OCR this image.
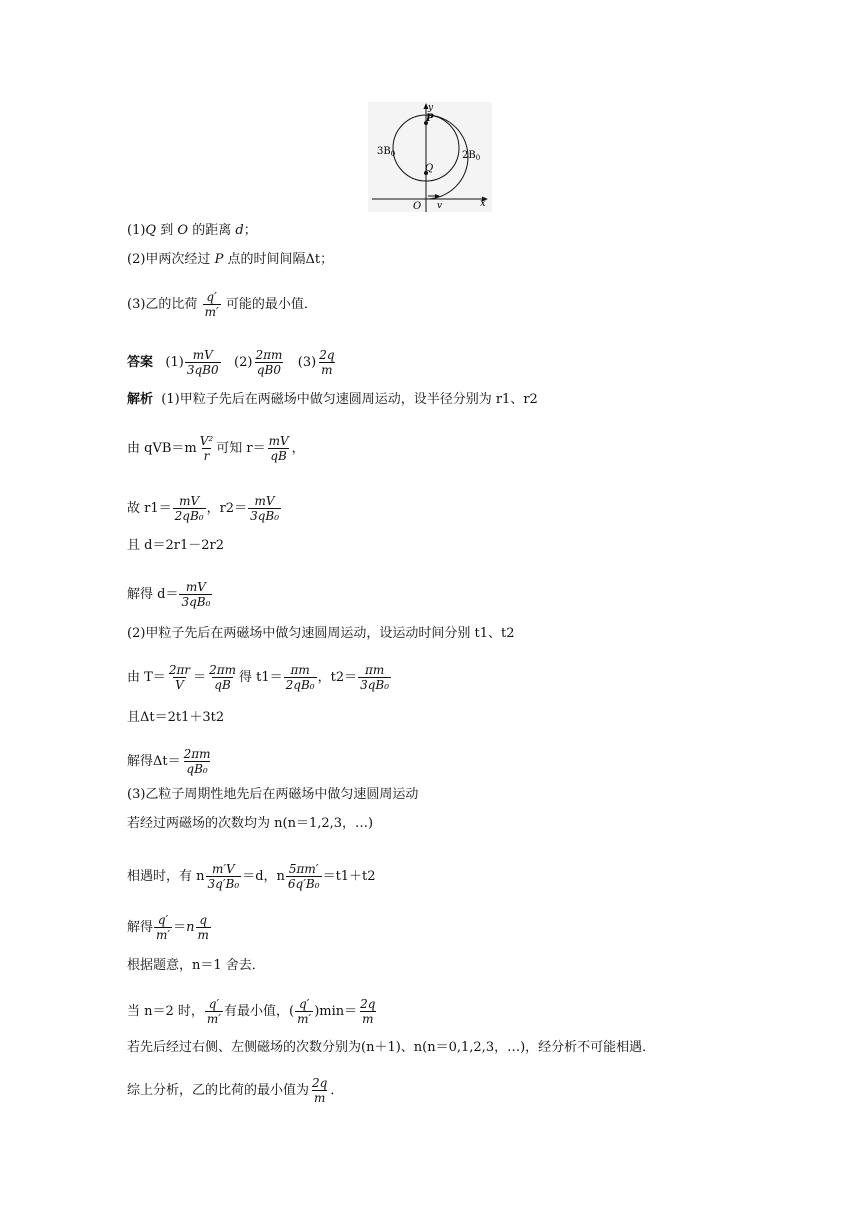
y
P
Q
O	x
v
$3B_0$	$2B_0$
(1)Q 到 O 的距离 d；
(2)甲两次经过 P 点的时间间隔Δt；
(3)乙的比荷 $\frac{q'}{m'}$ 可能的最小值．
答案 $(1) \frac{mV}{3qB0} (2) \frac{2\pi m}{qB0} (3) \frac{2q}{m}$
解析 (1)甲粒子先后在两磁场中做匀速圆周运动，设半径分别为 r1、r2
由 $qVB=m \frac{\text{V²}}{r}$ 可知 $r= \frac{mV}{qB}$ ，
故 $r1= \frac{mV}{\text{2qB₀}}$ ，$r2= \frac{mV}{\text{3qB₀}}$
且 d＝2r1－2r2
解得 $d= \frac{mV}{\text{3qB₀}}$
(2)甲粒子先后在两磁场中做匀速圆周运动，设运动时间分别 t1、t2
由 $T= \frac{2\pi r}{V} = \frac{2\pi m}{qB}$ 得 $t1= \frac{\pi m}{\text{2qB₀}}$ ，$t2= \frac{\pi m}{\text{3qB₀}}$
且Δt＝2t1＋3t2
解得$\Delta t= \frac{2\pi m}{\text{qB₀}}$
(3)乙粒子周期性地先后在两磁场中做匀速圆周运动
若经过两磁场的次数均为 n(n＝1,2,3，…)
相遇时，有 n $\frac{m'V}{\text{3q′B₀}} =d$，n $\frac{5\pi m'}{\text{6q′B₀}} =t1+t2$
解得 $\frac{q'}{m'} =n \frac{q}{m}$
根据题意，n＝1 舍去．
当 n＝2 时， $\frac{q'}{m'}$ 有最小值，( $\frac{q'}{m'} )\min= \frac{2q}{m}$
若先后经过右侧、左侧磁场的次数分别为(n＋1)、n(n＝0,1,2,3，…)，经分析不可能相遇．
综上分析，乙的比荷的最小值为 $\frac{2q}{m}$ ．
